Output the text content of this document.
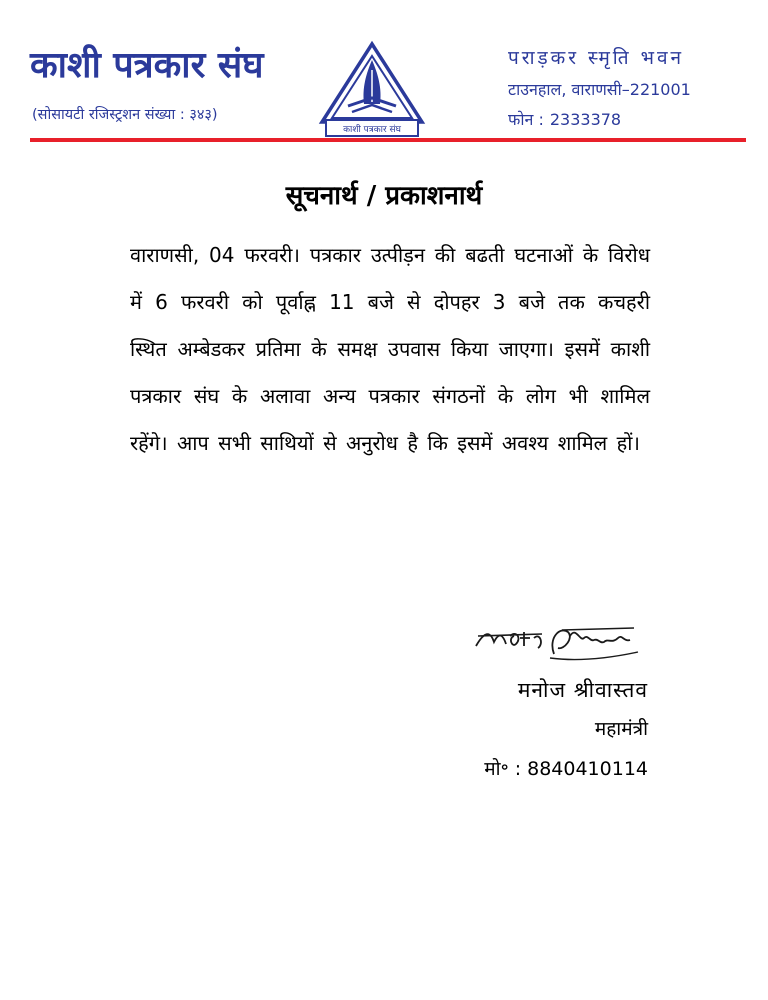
काशी पत्रकार संघ
(सोसायटी रजिस्ट्रशन संख्या : ३४३)
काशी पत्रकार संघ
पराड़कर स्मृति भवन
टाउनहाल, वाराणसी–221001
फोन : 2333378
सूचनार्थ / प्रकाशनार्थ
वाराणसी, 04 फरवरी। पत्रकार उत्पीड़न की बढती घटनाओं के विरोध में 6 फरवरी को पूर्वाह्न 11 बजे से दोपहर 3 बजे तक कचहरी स्थित अम्बेडकर प्रतिमा के समक्ष उपवास किया जाएगा। इसमें काशी पत्रकार संघ के अलावा अन्य पत्रकार संगठनों के लोग भी शामिल रहेंगे। आप सभी साथियों से अनुरोध है कि इसमें अवश्य शामिल हों।
मनोज श्रीवास्तव
महामंत्री
मो॰ : 8840410114
